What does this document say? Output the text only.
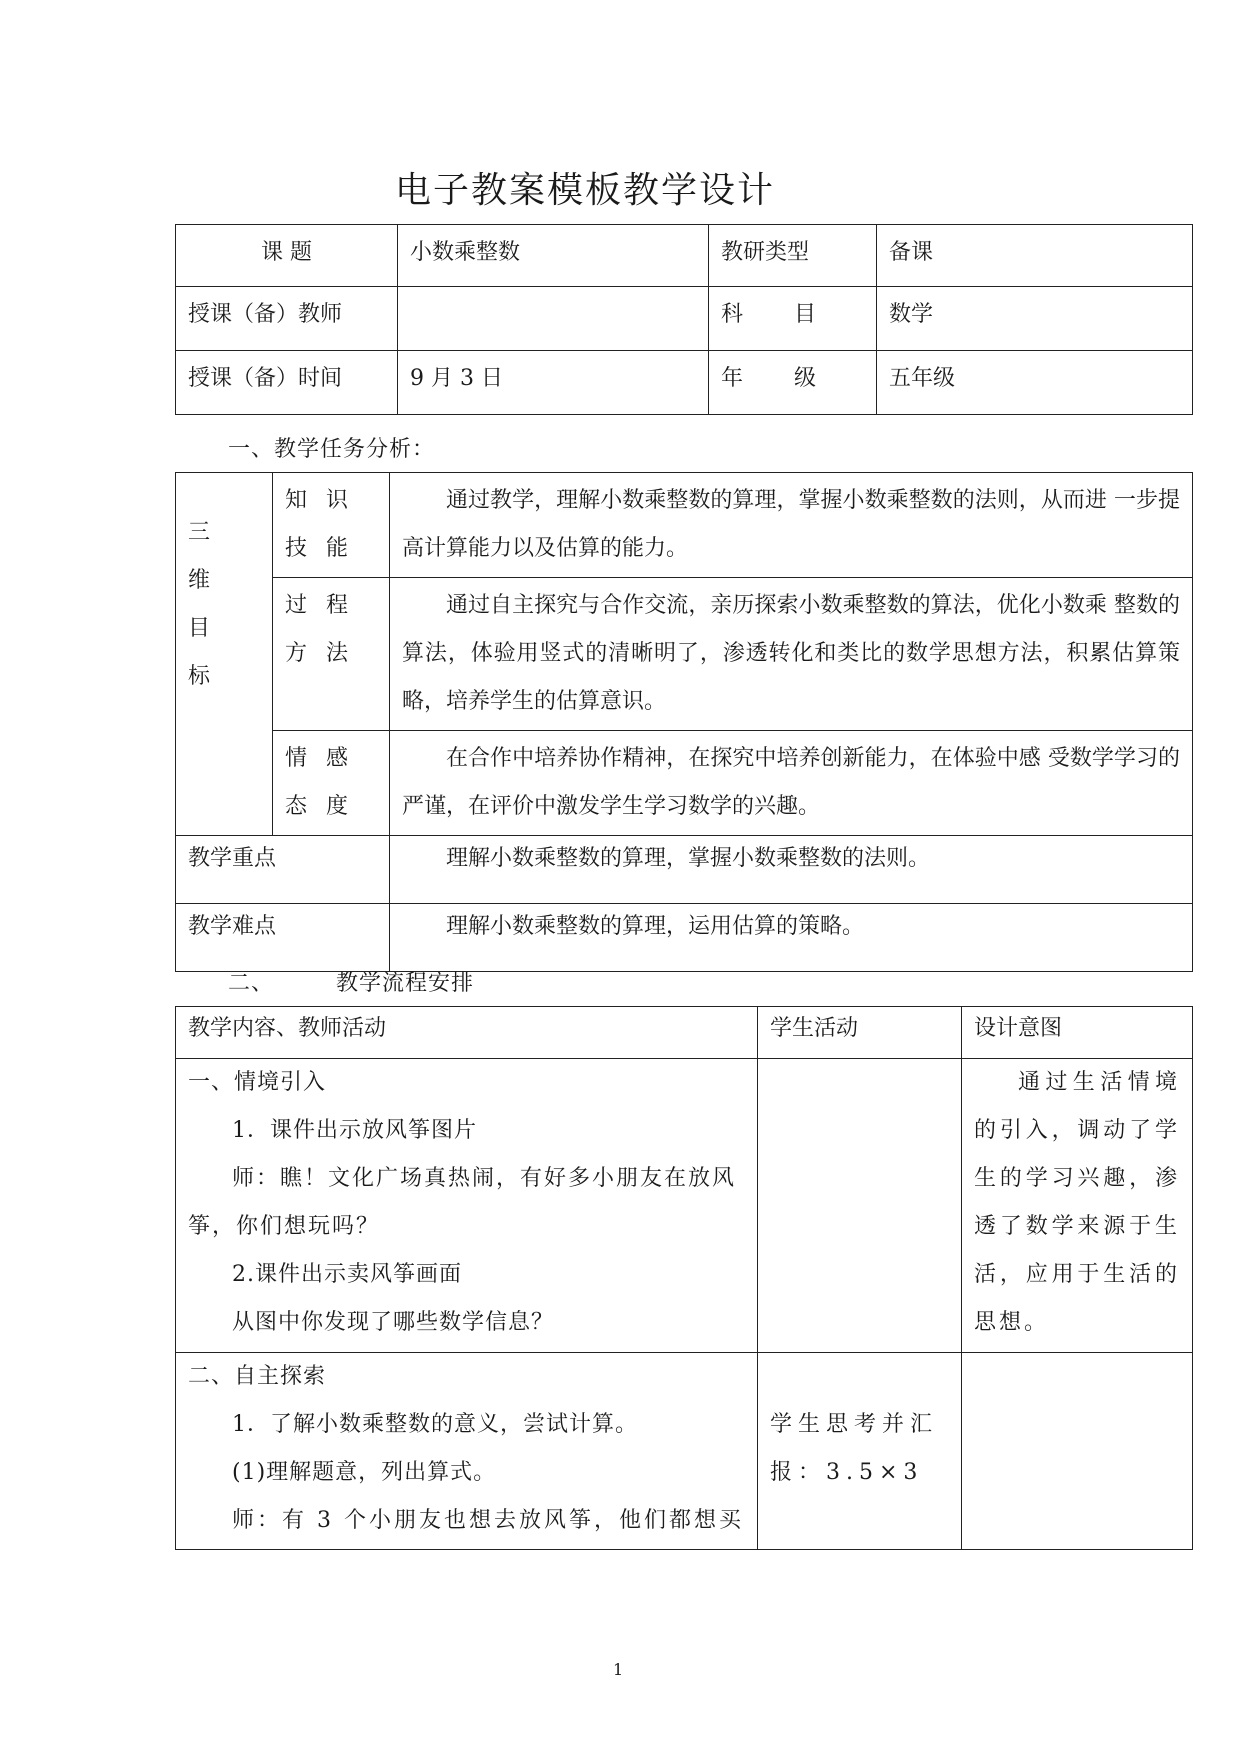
电子教案模板教学设计
课 题	小数乘整数	教研类型	备课

授课（备）教师		科 目	数学

授课（备）时间	9 月 3 日	年 级	五年级
一、教学任务分析：
三维目标	知 识 技 能	通过教学，理解小数乘整数的算理，掌握小数乘整数的法则，从而进 一步提高计算能力以及估算的能力。

	过 程 方 法	通过自主探究与合作交流，亲历探索小数乘整数的算法，优化小数乘 整数的算法，体验用竖式的清晰明了，渗透转化和类比的数学思想方法，积累估算策略，培养学生的估算意识。

	情 感 态 度	在合作中培养协作精神，在探究中培养创新能力，在体验中感 受数学学习的严谨，在评价中激发学生学习数学的兴趣。

教学重点		理解小数乘整数的算理，掌握小数乘整数的法则。

教学难点		理解小数乘整数的算理，运用估算的策略。
二、	教学流程安排
教学内容、教师活动	学生活动	设计意图

一、情境引入

1．课件出示放风筝图片

师：瞧！文化广场真热闹，有好多小朋友在放风筝，你们想玩吗？

2.课件出示卖风筝画面

从图中你发现了哪些数学信息？		通过生活情境的引入，调动了学生的学习兴趣，渗透了数学来源于生活，应用于生活的思想。

二、自主探索

1．了解小数乘整数的意义，尝试计算。

(1)理解题意，列出算式。

师：有 3 个小朋友也想去放风筝，他们都想买	学生思考并汇报：3.5×3	

1
